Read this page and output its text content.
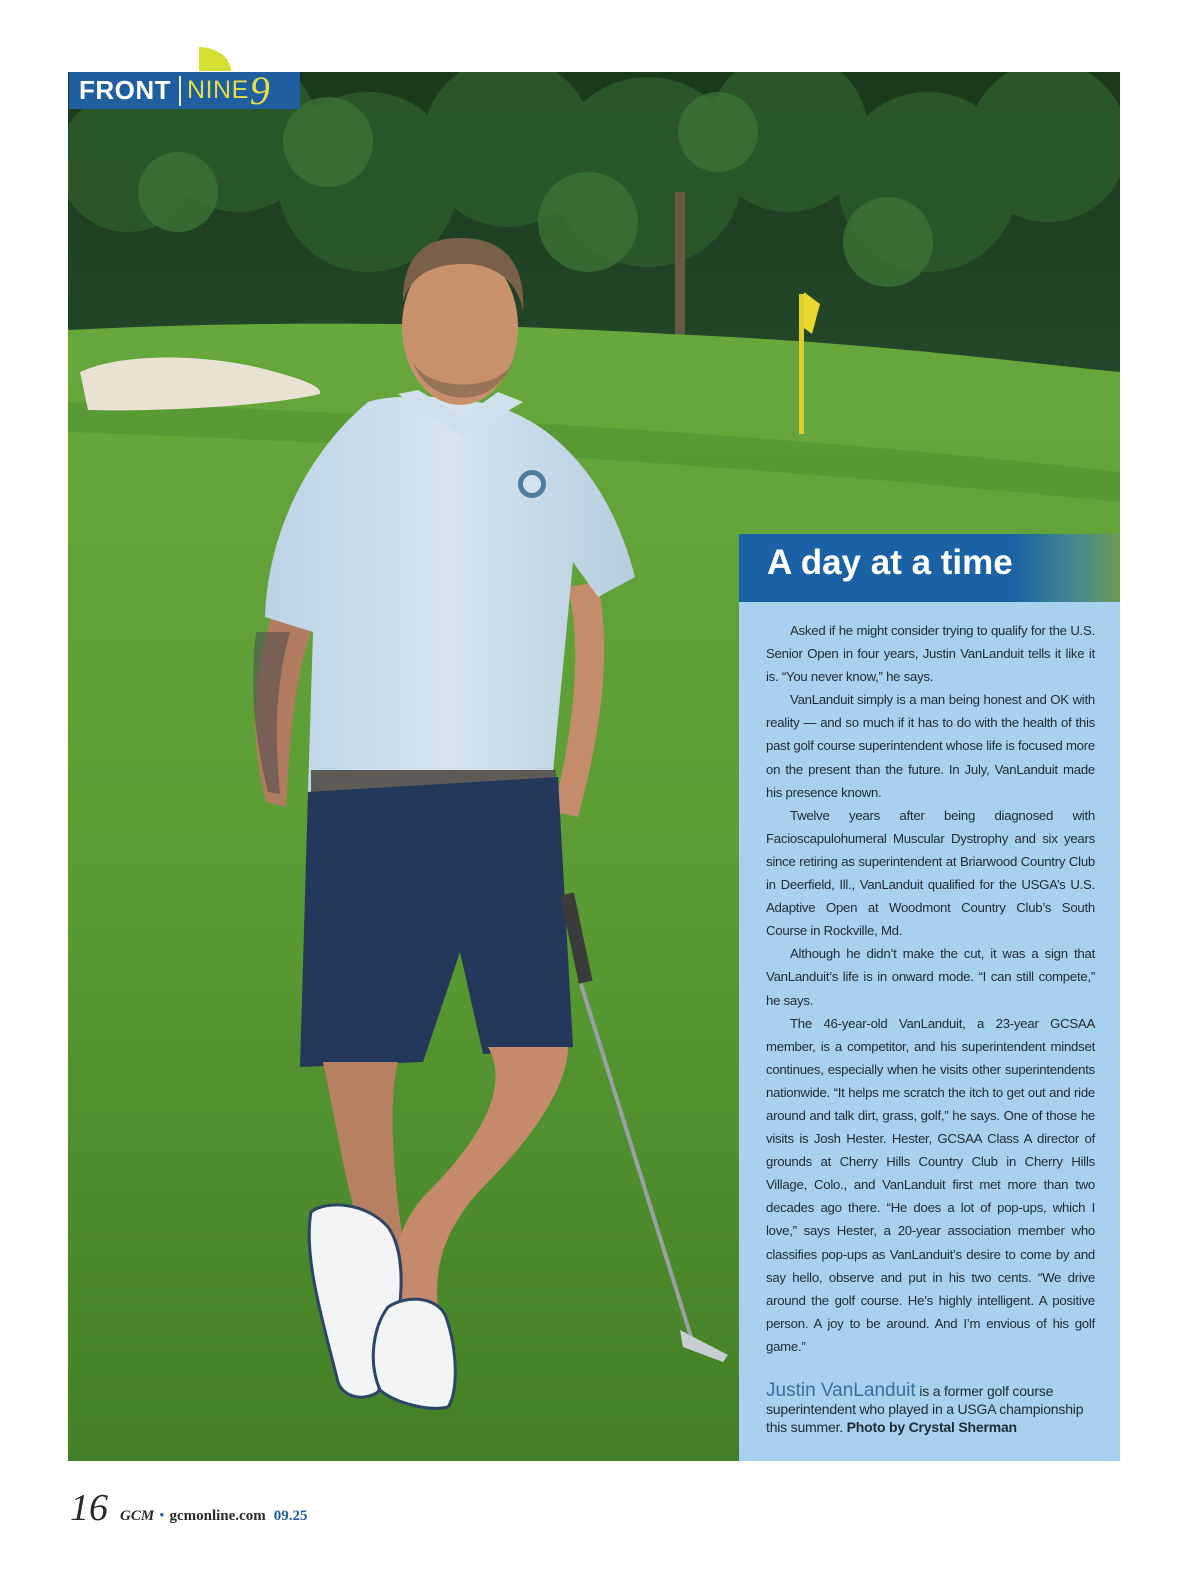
FRONT NINE 9
A day at a time

Asked if he might consider trying to qualify for the U.S. Senior Open in four years, Justin VanLanduit tells it like it is. “You never know,” he says.

VanLanduit simply is a man being honest and OK with reality — and so much if it has to do with the health of this past golf course superintendent whose life is focused more on the present than the future. In July, VanLanduit made his presence known.

Twelve years after being diagnosed with Facioscapulohumeral Muscular Dystrophy and six years since retiring as superintendent at Briarwood Country Club in Deerfield, Ill., VanLanduit qualified for the USGA’s U.S. Adaptive Open at Woodmont Country Club’s South Course in Rockville, Md.

Although he didn’t make the cut, it was a sign that VanLanduit’s life is in onward mode. “I can still compete,” he says.

The 46-year-old VanLanduit, a 23-year GCSAA member, is a competitor, and his superintendent mindset continues, especially when he visits other superintendents nationwide. “It helps me scratch the itch to get out and ride around and talk dirt, grass, golf,” he says. One of those he visits is Josh Hester. Hester, GCSAA Class A director of grounds at Cherry Hills Country Club in Cherry Hills Village, Colo., and VanLanduit first met more than two decades ago there. “He does a lot of pop-ups, which I love,” says Hester, a 20-year association member who classifies pop-ups as VanLanduit’s desire to come by and say hello, observe and put in his two cents. “We drive around the golf course. He’s highly intelligent. A positive person. A joy to be around. And I’m envious of his golf game.”

Justin VanLanduit is a former golf course superintendent who played in a USGA championship this summer. Photo by Crystal Sherman
16 GCM • gcmonline.com 09.25
